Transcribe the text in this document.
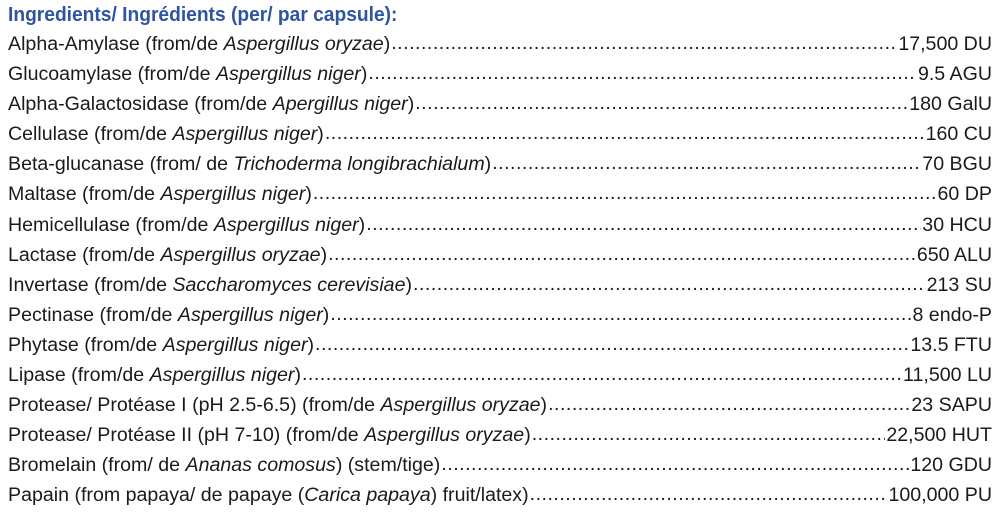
Ingredients/ Ingrédients (per/ par capsule):
Alpha-Amylase (from/de Aspergillus oryzae) .....	17,500 DU
Glucoamylase (from/de Aspergillus niger) .....	9.5 AGU
Alpha-Galactosidase (from/de Apergillus niger) .....	180 GalU
Cellulase (from/de Aspergillus niger) .....	160 CU
Beta-glucanase (from/ de Trichoderma longibrachialum) .....	70 BGU
Maltase (from/de Aspergillus niger) .....	60 DP
Hemicellulase (from/de Aspergillus niger) .....	30 HCU
Lactase (from/de Aspergillus oryzae) .....	650 ALU
Invertase (from/de Saccharomyces cerevisiae) .....	213 SU
Pectinase (from/de Aspergillus niger) .....	8 endo-P
Phytase (from/de Aspergillus niger) .....	13.5 FTU
Lipase (from/de Aspergillus niger) .....	11,500 LU
Protease/ Protéase I (pH 2.5-6.5) (from/de Aspergillus oryzae) .....	23 SAPU
Protease/ Protéase II (pH 7-10) (from/de Aspergillus oryzae) .....	22,500 HUT
Bromelain (from/ de Ananas comosus) (stem/tige) .....	120 GDU
Papain (from papaya/ de papaye (Carica papaya) fruit/latex) .....	100,000 PU
